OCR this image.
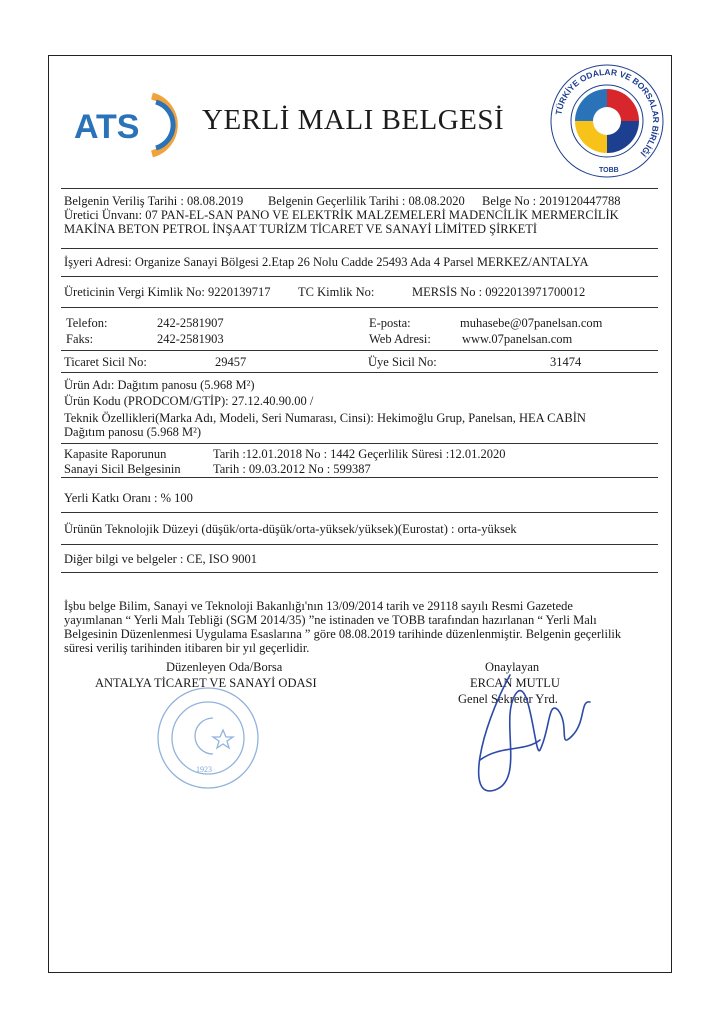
ATS YERLİ MALI BELGESİ	TÜRKİYE ODALAR VE BORSALAR BİRLİĞİ
TOBB
Belgenin Veriliş Tarihi : 08.08.2019 Belgenin Geçerlilik Tarihi : 08.08.2020 Belge No : 2019120447788
Üretici Ünvanı: 07 PAN-EL-SAN PANO VE ELEKTRİK MALZEMELERİ MADENCİLİK MERMERCİLİK
MAKİNA BETON PETROL İNŞAAT TURİZM TİCARET VE SANAYİ LİMİTED ŞİRKETİ
İşyeri Adresi: Organize Sanayi Bölgesi 2.Etap 26 Nolu Cadde 25493 Ada 4 Parsel MERKEZ/ANTALYA
Üreticinin Vergi Kimlik No: 9220139717 TC Kimlik No:	MERSİS No : 0922013971700012
Telefon:	242-2581907	E-posta:	muhasebe@07panelsan.com
Faks:	242-2581903	Web Adresi: www.07panelsan.com
Ticaret Sicil No:	29457	Üye Sicil No:	31474
Ürün Adı: Dağıtım panosu (5.968 M²)
Ürün Kodu (PRODCOM/GTİP): 27.12.40.90.00 /
Teknik Özellikleri(Marka Adı, Modeli, Seri Numarası, Cinsi): Hekimoğlu Grup, Panelsan, HEA CABİN
Dağıtım panosu (5.968 M²)
Kapasite Raporunun	Tarih :12.01.2018 No : 1442 Geçerlilik Süresi :12.01.2020
Sanayi Sicil Belgesinin	Tarih : 09.03.2012 No : 599387
Yerli Katkı Oranı : % 100
Ürünün Teknolojik Düzeyi (düşük/orta-düşük/orta-yüksek/yüksek)(Eurostat) : orta-yüksek
Diğer bilgi ve belgeler : CE, ISO 9001
İşbu belge Bilim, Sanayi ve Teknoloji Bakanlığı'nın 13/09/2014 tarih ve 29118 sayılı Resmi Gazetede
yayımlanan “ Yerli Malı Tebliği (SGM 2014/35) ”ne istinaden ve TOBB tarafından hazırlanan “ Yerli Malı
Belgesinin Düzenlenmesi Uygulama Esaslarına ” göre 08.08.2019 tarihinde düzenlenmiştir. Belgenin geçerlilik
süresi veriliş tarihinden itibaren bir yıl geçerlidir.
Düzenleyen Oda/Borsa
ANTALYA TİCARET VE SANAYİ ODASI
Onaylayan
ERCAN MUTLU
Genel Sekreter Yrd.
1923
